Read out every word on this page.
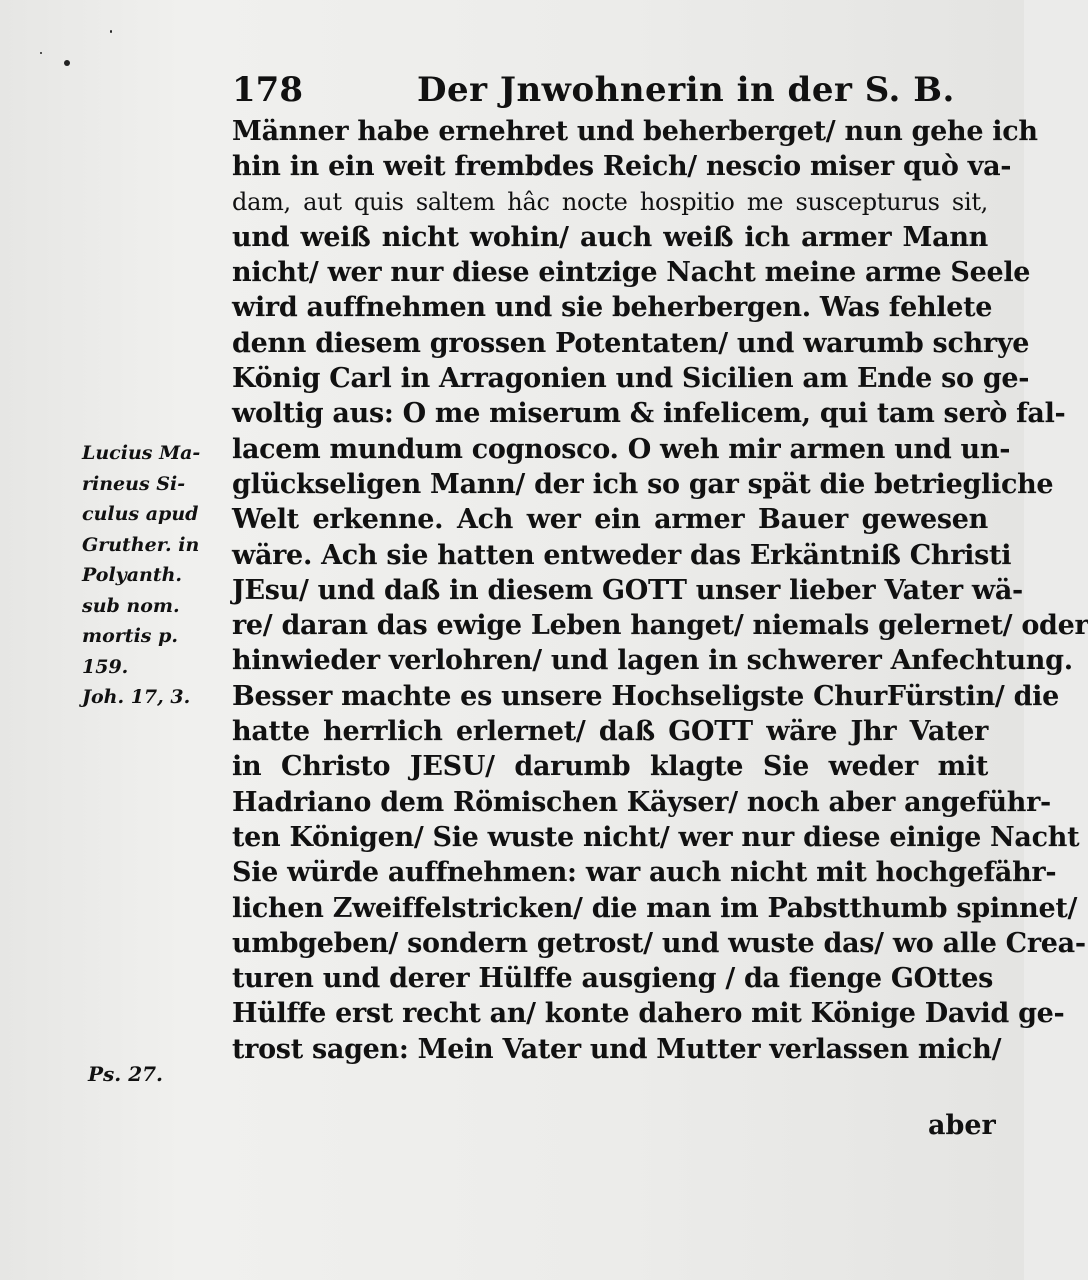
178	Der Jnwohnerin in der S. B.
Männer habe ernehret und beherberget/ nun gehe ich
hin in ein weit frembdes Reich/ nescio miser quò va-
dam, aut quis saltem hâc nocte hospitio me suscepturus sit,
und weiß nicht wohin/ auch weiß ich armer Mann
nicht/ wer nur diese eintzige Nacht meine arme Seele
wird auffnehmen und sie beherbergen. Was fehlete
denn diesem grossen Potentaten/ und warumb schrye
König Carl in Arragonien und Sicilien am Ende so ge-
woltig aus: O me miserum & infelicem, qui tam serò fal-
lacem mundum cognosco. O weh mir armen und un-
glückseligen Mann/ der ich so gar spät die betriegliche
Welt erkenne. Ach wer ein armer Bauer gewesen
wäre. Ach sie hatten entweder das Erkäntniß Christi
JEsu/ und daß in diesem GOTT unser lieber Vater wä-
re/ daran das ewige Leben hanget/ niemals gelernet/ oder
hinwieder verlohren/ und lagen in schwerer Anfechtung.
Besser machte es unsere Hochseligste ChurFürstin/ die
hatte herrlich erlernet/ daß GOTT wäre Jhr Vater
in Christo JESU/ darumb klagte Sie weder mit
Hadriano dem Römischen Käyser/ noch aber angeführ-
ten Königen/ Sie wuste nicht/ wer nur diese einige Nacht
Sie würde auffnehmen: war auch nicht mit hochgefähr-
lichen Zweiffelstricken/ die man im Pabstthumb spinnet/
umbgeben/ sondern getrost/ und wuste das/ wo alle Crea-
turen und derer Hülffe ausgieng / da fienge GOttes
Hülffe erst recht an/ konte dahero mit Könige David ge-
trost sagen: Mein Vater und Mutter verlassen mich/
aber
Lucius Ma-
rineus Si-
culus apud
Gruther. in
Polyanth.
sub nom.
mortis p.
159.
Joh. 17, 3.
Ps. 27.
